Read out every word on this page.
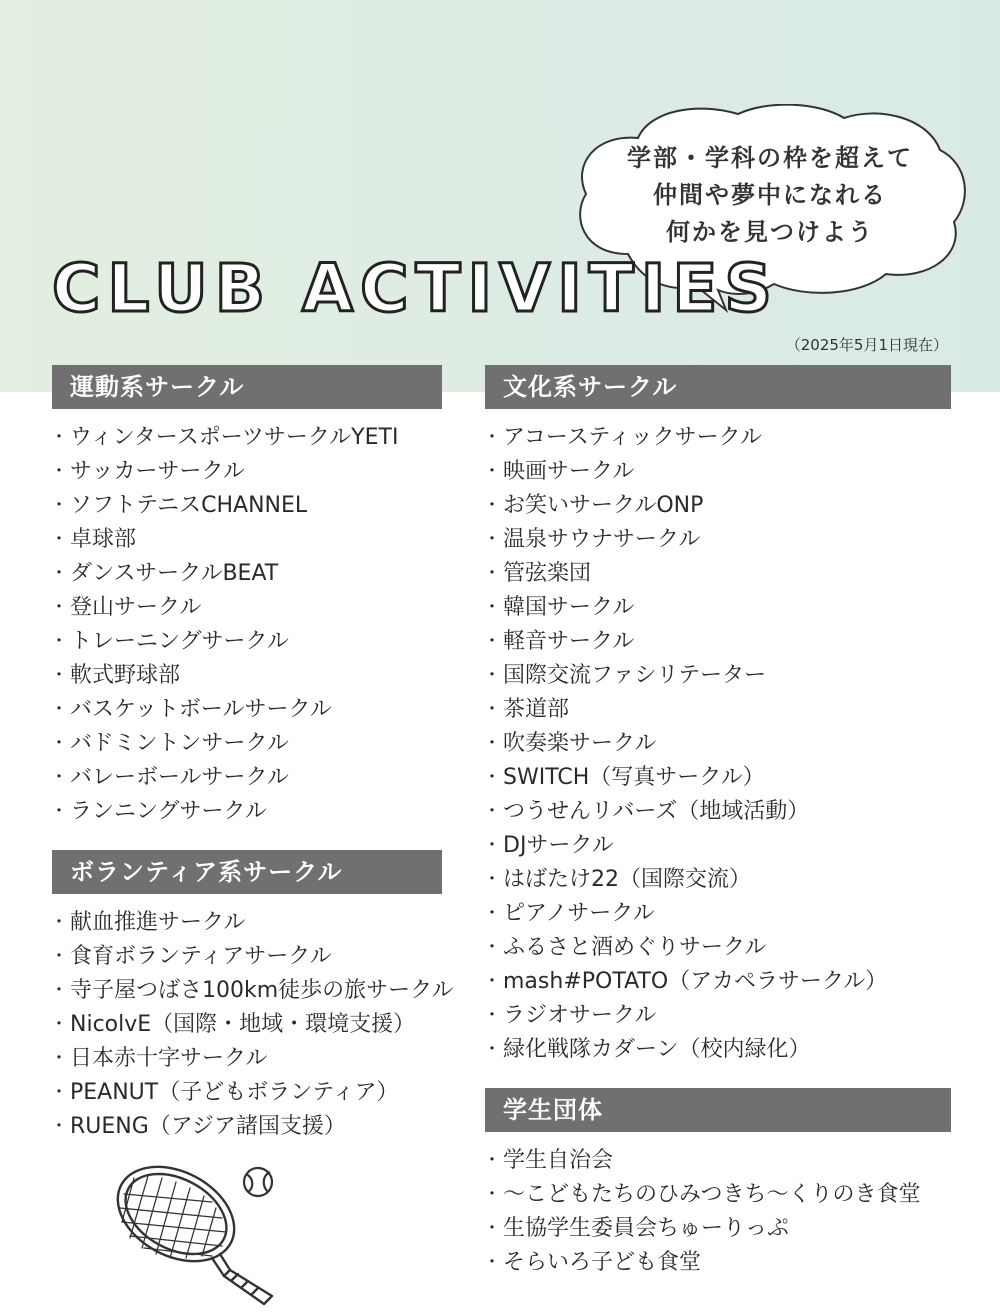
学部・学科の枠を超えて
仲間や夢中になれる
何かを見つけよう
CLUB ACTIVITIES
（2025年5月1日現在）
運動系サークル
・ ウィンタースポーツサークルYETI
・ サッカーサークル
・ ソフトテニスCHANNEL
・ 卓球部
・ ダンスサークルBEAT
・ 登山サークル
・ トレーニングサークル
・ 軟式野球部
・ バスケットボールサークル
・ バドミントンサークル
・ バレーボールサークル
・ ランニングサークル
ボランティア系サークル
・ 献血推進サークル
・ 食育ボランティアサークル
・ 寺子屋つばさ100km徒歩の旅サークル
・ NicolvE（国際・地域・環境支援）
・ 日本赤十字サークル
・ PEANUT（子どもボランティア）
・ RUENG（アジア諸国支援）
文化系サークル
・ アコースティックサークル
・ 映画サークル
・ お笑いサークルONP
・ 温泉サウナサークル
・ 管弦楽団
・ 韓国サークル
・ 軽音サークル
・ 国際交流ファシリテーター
・ 茶道部
・ 吹奏楽サークル
・ SWITCH（写真サークル）
・ つうせんリバーズ（地域活動）
・ DJサークル
・ はばたけ22（国際交流）
・ ピアノサークル
・ ふるさと酒めぐりサークル
・ mash#POTATO（アカペラサークル）
・ ラジオサークル
・ 緑化戦隊カダーン（校内緑化）
学生団体
・ 学生自治会
・ ～こどもたちのひみつきち～くりのき食堂
・ 生協学生委員会ちゅーりっぷ
・ そらいろ子ども食堂
